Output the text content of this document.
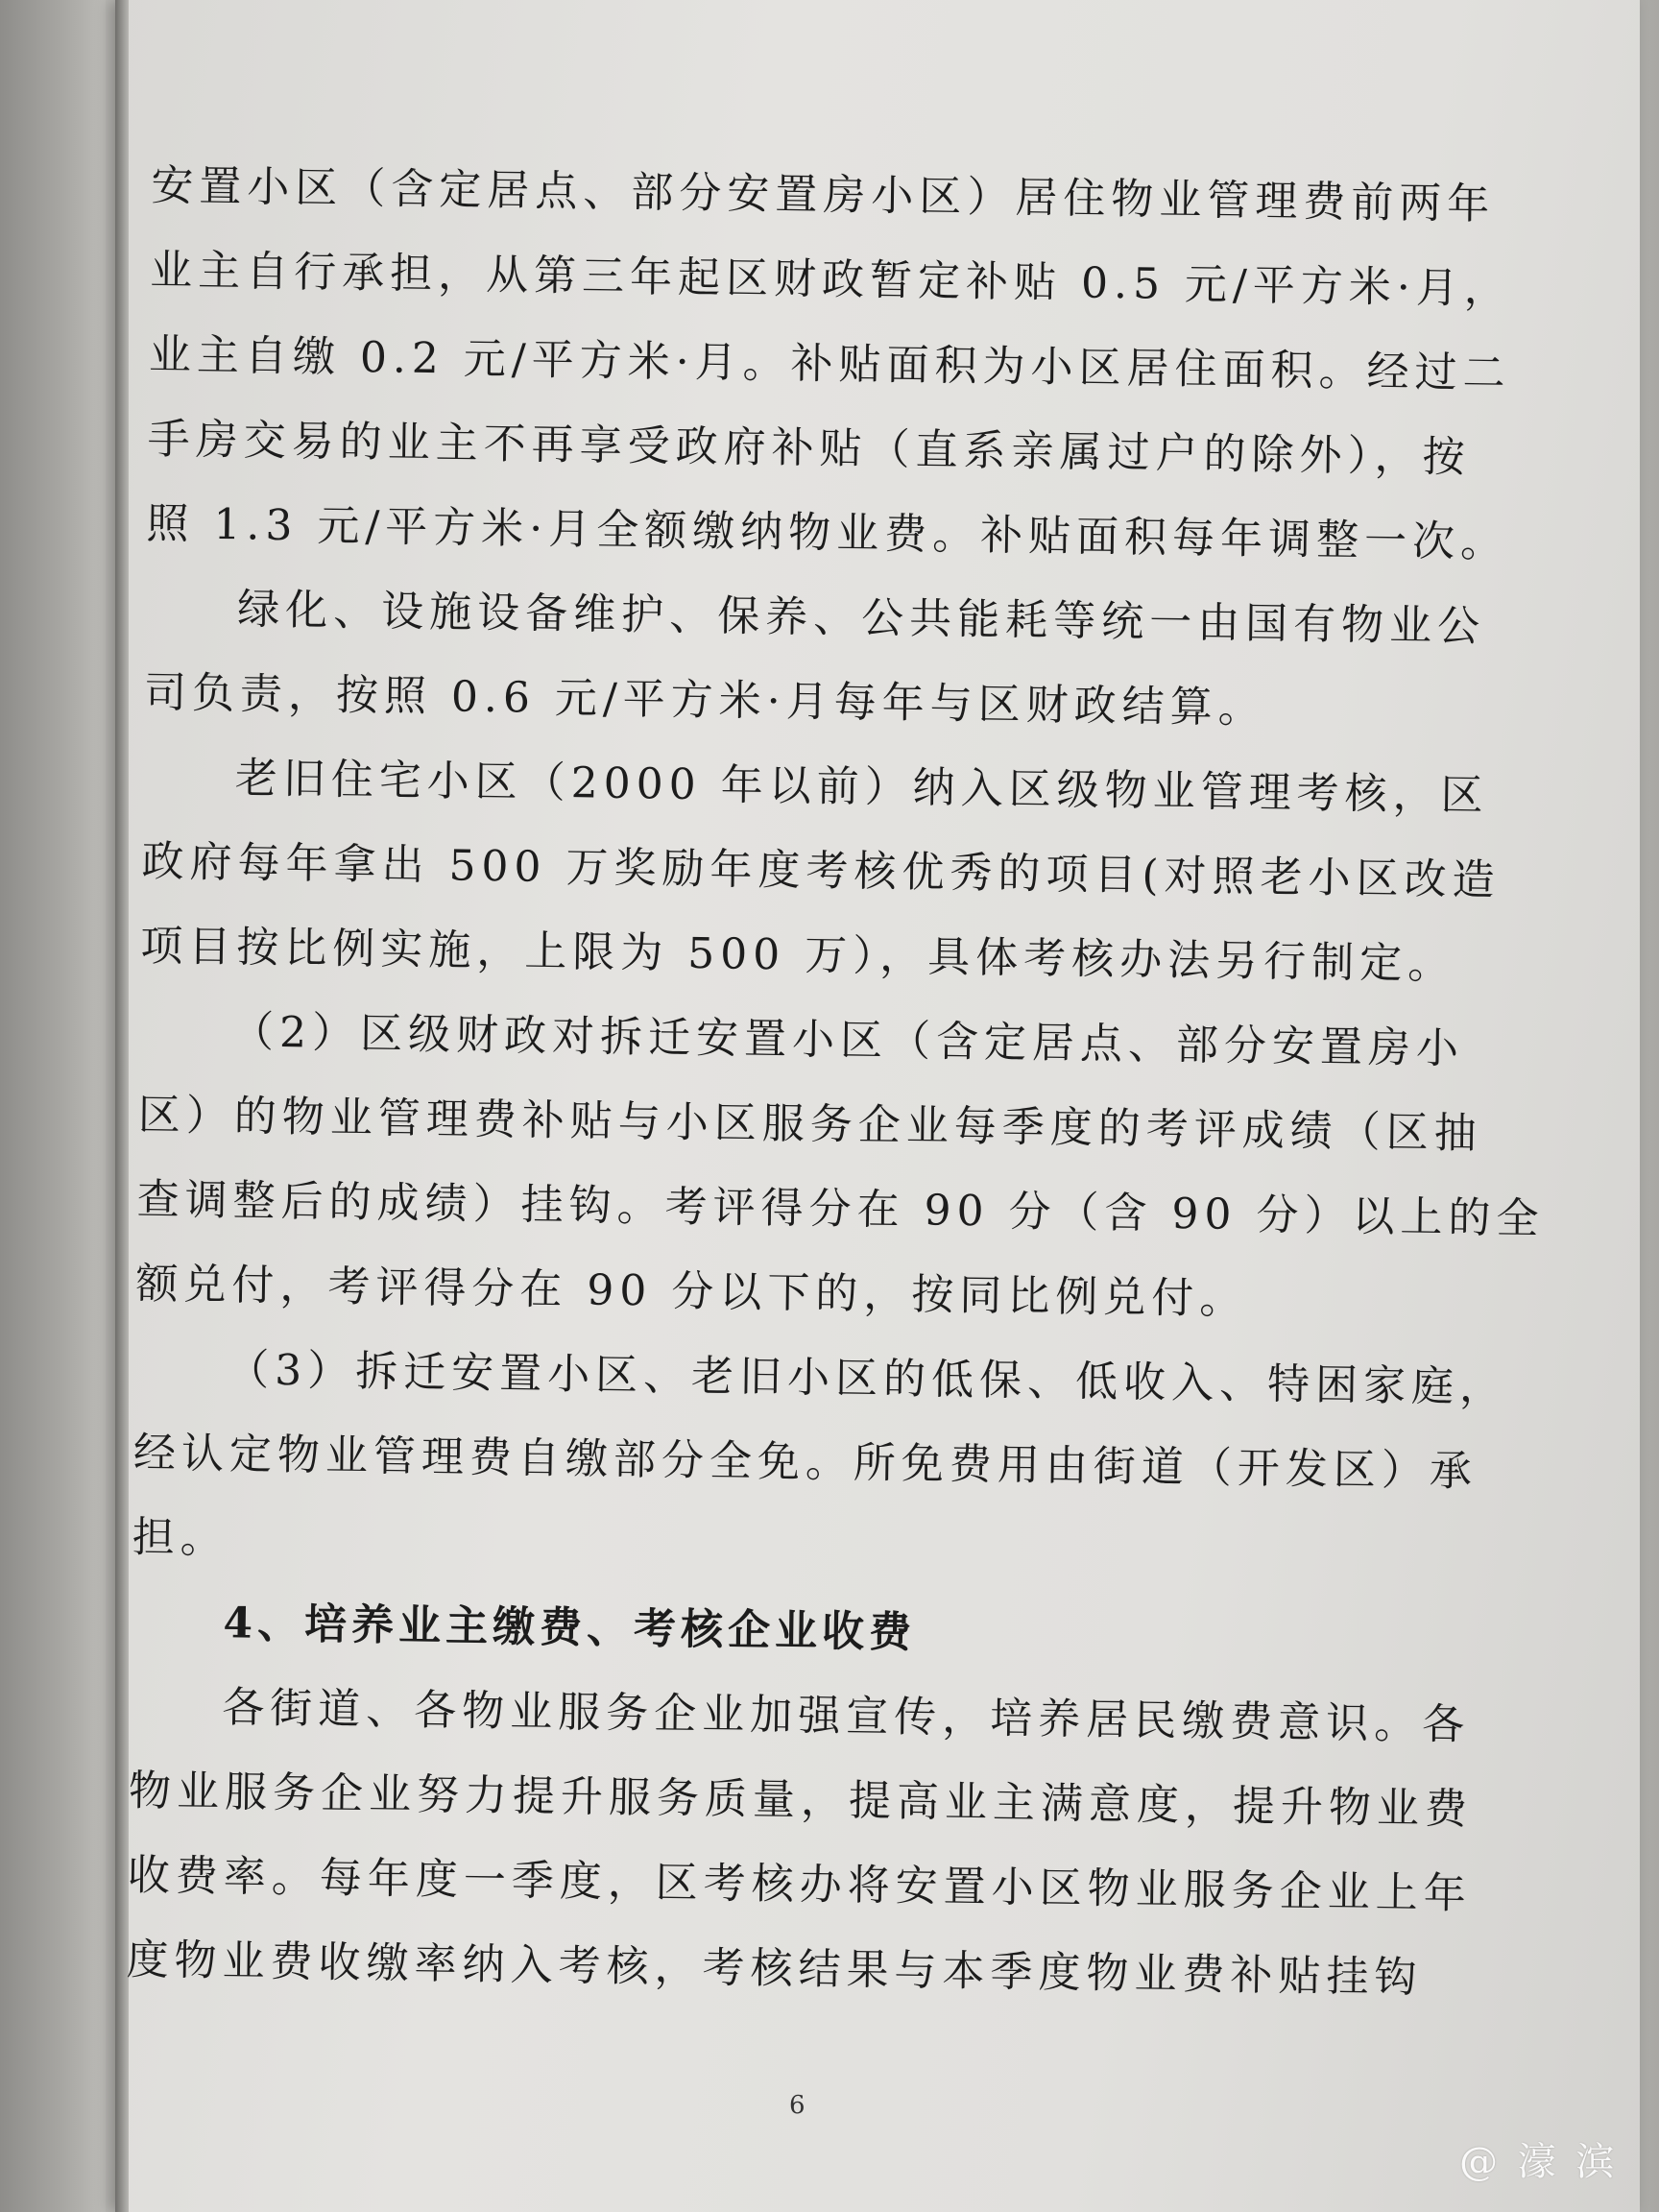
安置小区（含定居点、部分安置房小区）居住物业管理费前两年
业主自行承担，从第三年起区财政暂定补贴 0.5 元/平方米·月，
业主自缴 0.2 元/平方米·月。补贴面积为小区居住面积。经过二
手房交易的业主不再享受政府补贴（直系亲属过户的除外），按
照 1.3 元/平方米·月全额缴纳物业费。补贴面积每年调整一次。
绿化、设施设备维护、保养、公共能耗等统一由国有物业公
司负责，按照 0.6 元/平方米·月每年与区财政结算。
老旧住宅小区（2000 年以前）纳入区级物业管理考核，区
政府每年拿出 500 万奖励年度考核优秀的项目(对照老小区改造
项目按比例实施，上限为 500 万），具体考核办法另行制定。
（2）区级财政对拆迁安置小区（含定居点、部分安置房小
区）的物业管理费补贴与小区服务企业每季度的考评成绩（区抽
查调整后的成绩）挂钩。考评得分在 90 分（含 90 分）以上的全
额兑付，考评得分在 90 分以下的，按同比例兑付。
（3）拆迁安置小区、老旧小区的低保、低收入、特困家庭，
经认定物业管理费自缴部分全免。所免费用由街道（开发区）承
担。
4、培养业主缴费、考核企业收费
各街道、各物业服务企业加强宣传，培养居民缴费意识。各
物业服务企业努力提升服务质量，提高业主满意度，提升物业费
收费率。每年度一季度，区考核办将安置小区物业服务企业上年
度物业费收缴率纳入考核，考核结果与本季度物业费补贴挂钩
6
@ 濠 滨
